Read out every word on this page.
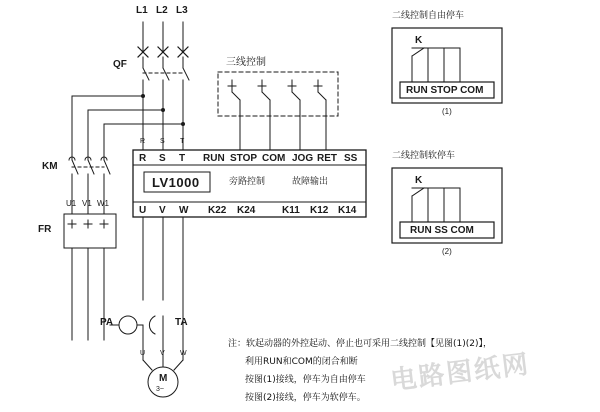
L1 L2 L3
QF
KM
FR
U1 V1 W1
三线控制
R S T
R S T RUN STOP COM JOG RET SS
LV1000	旁路控制	故障输出
U V W K22 K24	K11 K12 K14
PA	TA
U V W
M
3~
二线控制自由停车
K
RUN STOP COM
(1)
二线控制软停车
K
RUN SS COM
(2)
注：软起动器的外控起动、停止也可采用二线控制【见图(1)(2)】，
利用RUN和COM的闭合和断
按图(1)接线，停车为自由停车
按图(2)接线，停车为软停车。
电路图纸网
